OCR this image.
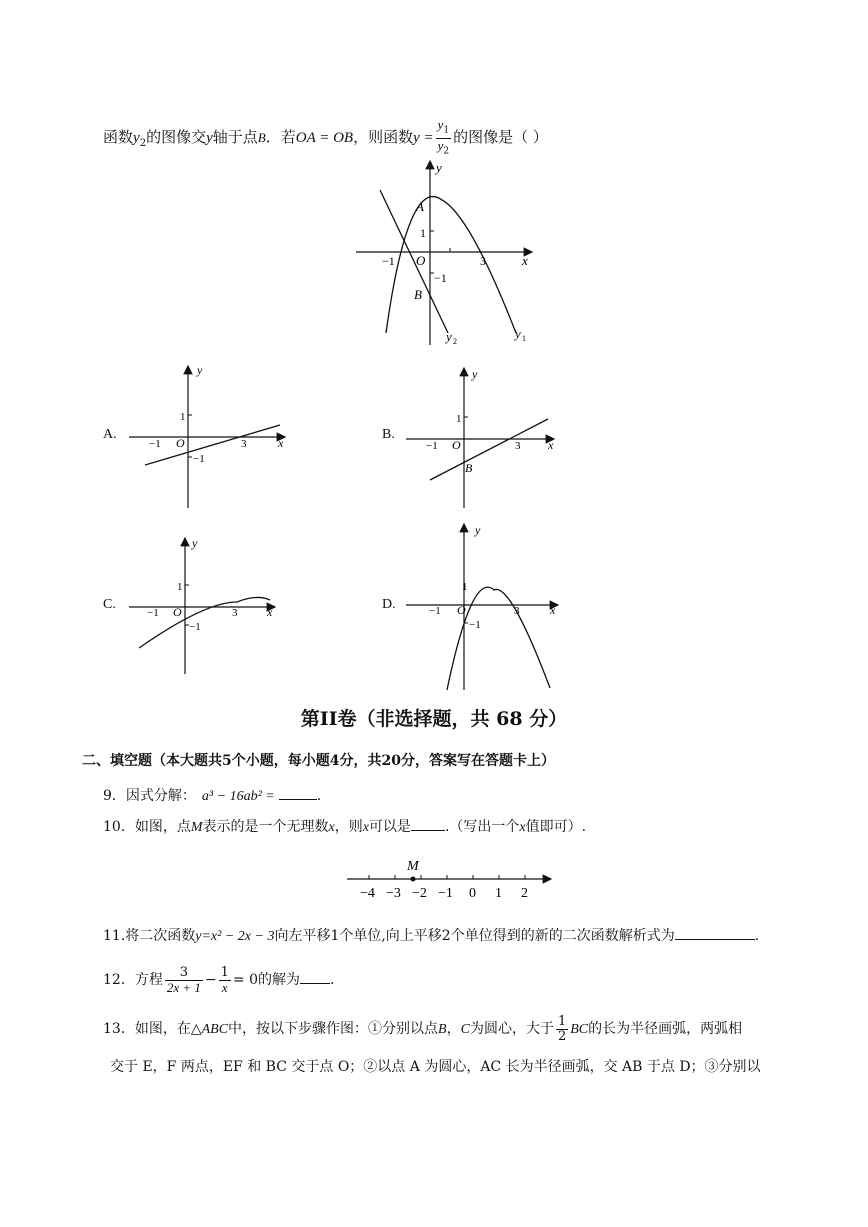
函数$y_2$的图像交y轴于点B．若OA = OB，则函数$y = \frac{y_1}{y_2}$ 的图像是（ ）
y
x
A
1
−1 O	3
−1
B
y 2
y 1
A.
y
x
1
−1 O	3
−1
B.
y
x
1
−1 O	3
B
C.
y
x
1
−1 O	3
−1
D.
y
x
1
−1 O	3
−1
第II卷（非选择题，共 68 分）
二、填空题（本大题共5个小题，每小题4分，共20分，答案写在答题卡上）
9．因式分解： a³ − 16ab² =	.
10．如图，点M表示的是一个无理数x，则x可以是 .（写出一个x值即可）.
M
−4 −3 −2 −1 0 1 2
11.将二次函数y=x² − 2x − 3向左平移1个单位,向上平移2个单位得到的新的二次函数解析式为	.
12．方程 $\frac{3}{2x + 1} - \frac{1}{x} = 0$的解为 .
13．如图，在△ABC中，按以下步骤作图：①分别以点B，C为圆心，大于 $\frac{1}{2}$ BC的长为半径画弧，两弧相
交于 E，F 两点，EF 和 BC 交于点 O；②以点 A 为圆心，AC 长为半径画弧，交 AB 于点 D；③分别以
